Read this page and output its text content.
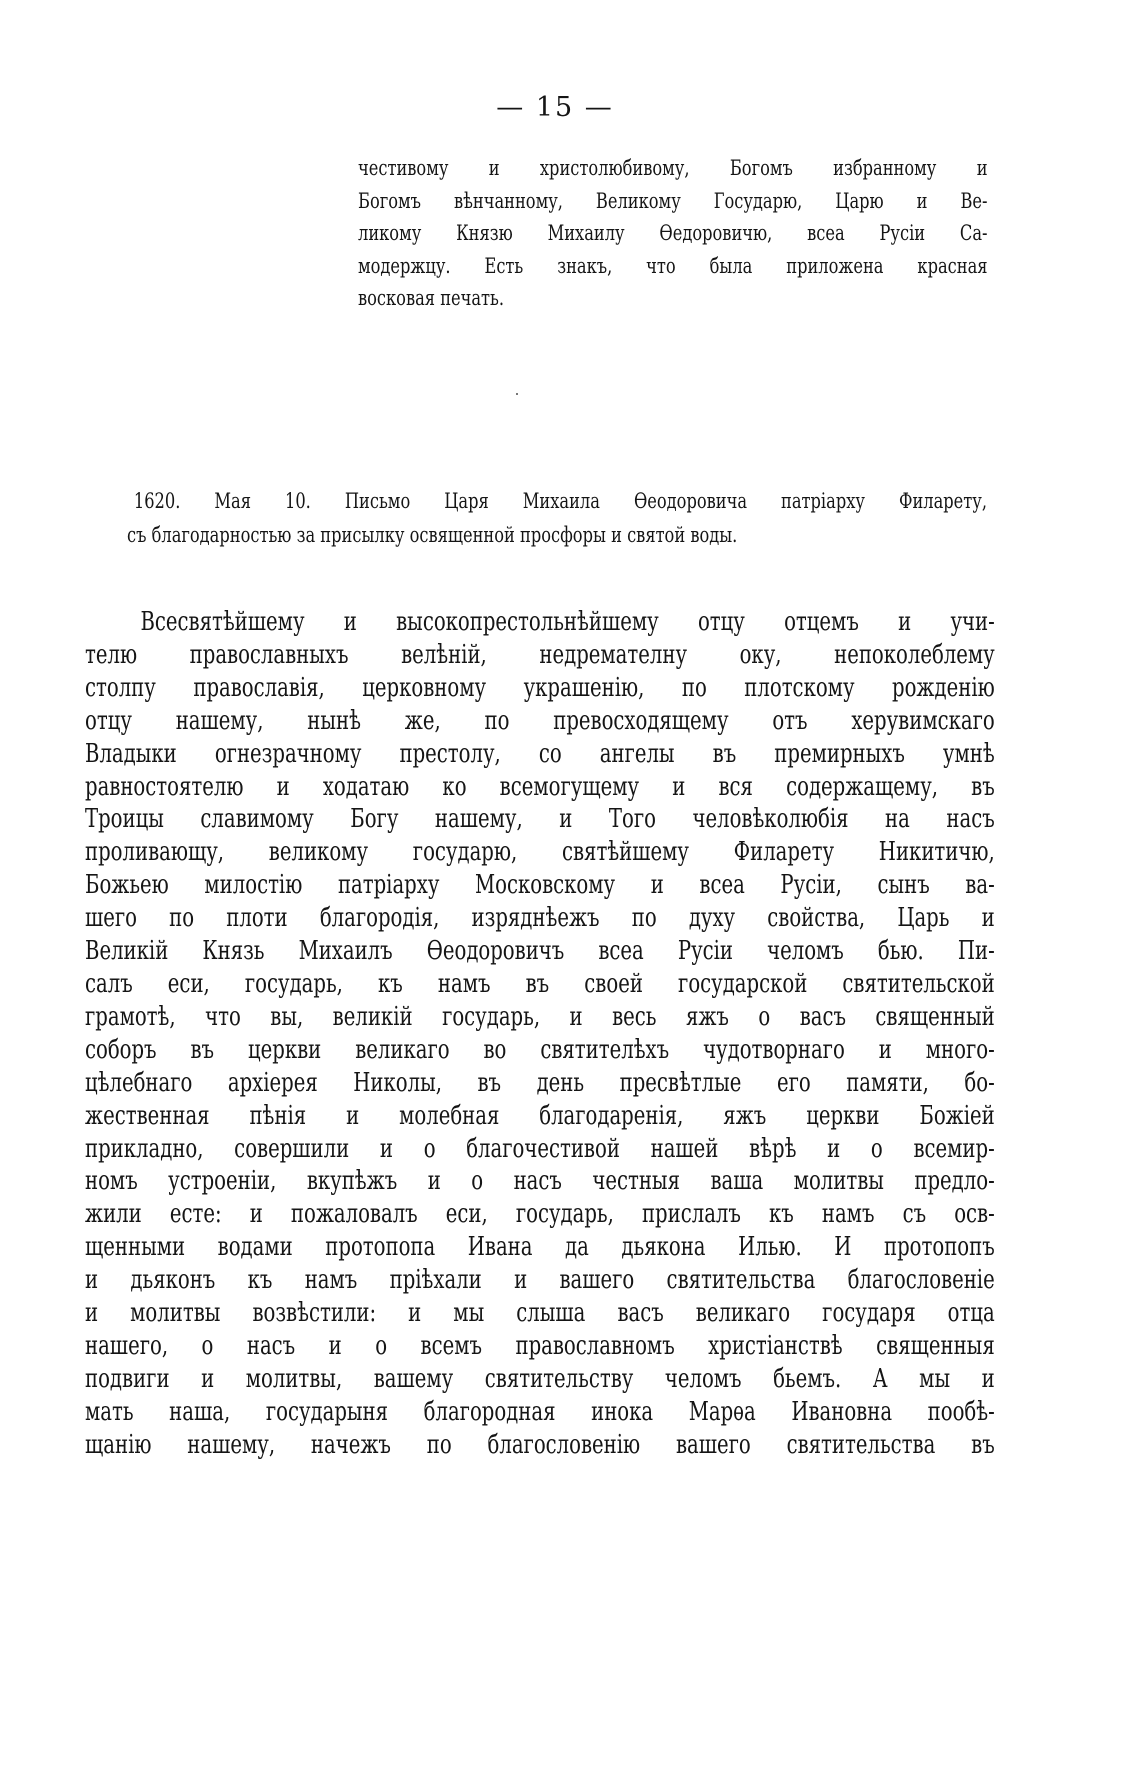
— 15 —
честивому и христолюбивому, Богомъ избранному и
Богомъ вѣнчанному, Великому Государю, Царю и Ве-
ликому Князю Михаилу Ѳедоровичю, всеа Русіи Са-
модержцу. Есть знакъ, что была приложена красная
восковая печать.
1620. Мая 10. Письмо Царя Михаила Ѳеодоровича патріарху Филарету,
съ благодарностью за присылку освященной просфоры и святой воды.
Всесвятѣйшему и высокопрестольнѣйшему отцу отцемъ и учи-
телю православныхъ велѣній, недремателну оку, непоколеблему
столпу православія, церковному украшенію, по плотскому рожденію
отцу нашему, нынѣ же, по превосходящему отъ херувимскаго
Владыки огнезрачному престолу, со ангелы въ премирныхъ умнѣ
равностоятелю и ходатаю ко всемогущему и вся содержащему, въ
Троицы славимому Богу нашему, и Того человѣколюбія на насъ
проливающу, великому государю, святѣйшему Филарету Никитичю,
Божьею милостію патріарху Московскому и всеа Русіи, сынъ ва-
шего по плоти благородія, изряднѣежъ по духу свойства, Царь и
Великій Князь Михаилъ Ѳеодоровичъ всеа Русіи челомъ бью. Пи-
салъ еси, государь, къ намъ въ своей государской святительской
грамотѣ, что вы, великій государь, и весь яжъ о васъ священный
соборъ въ церкви великаго во святителѣхъ чудотворнаго и много-
цѣлебнаго архіерея Николы, въ день пресвѣтлые его памяти, бо-
жественная пѣнія и молебная благодаренія, яжъ церкви Божіей
прикладно, совершили и о благочестивой нашей вѣрѣ и о всемир-
номъ устроеніи, вкупѣжъ и о насъ честныя ваша молитвы предло-
жили есте: и пожаловалъ еси, государь, прислалъ къ намъ съ осв-
щенными водами протопопа Ивана да дьякона Илью. И протопопъ
и дьяконъ къ намъ пріѣхали и вашего святительства благословеніе
и молитвы возвѣстили: и мы слыша васъ великаго государя отца
нашего, о насъ и о всемъ православномъ христіанствѣ священныя
подвиги и молитвы, вашему святительству челомъ бьемъ. А мы и
мать наша, государыня благородная инока Марѳа Ивановна пообѣ-
щанію нашему, начежъ по благословенію вашего святительства въ
